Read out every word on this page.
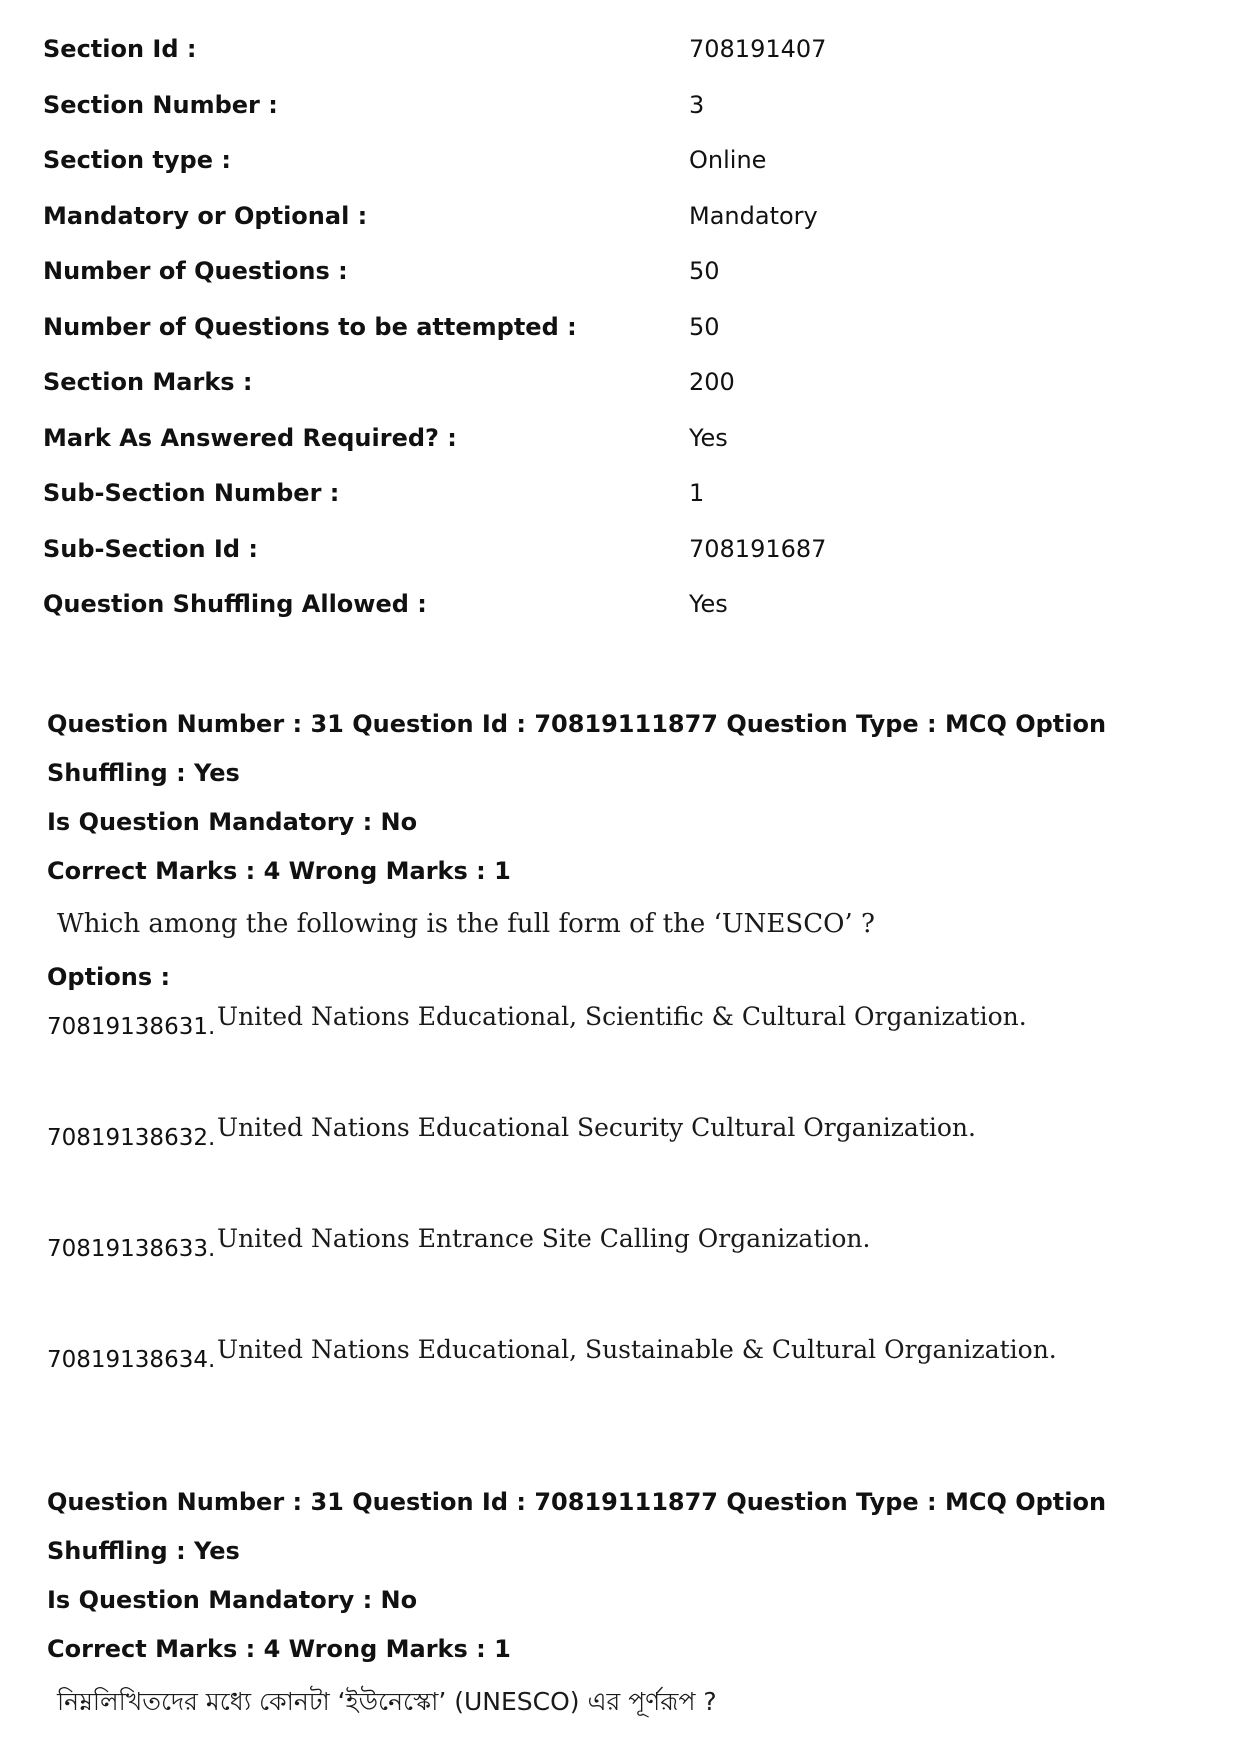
Section Id :	708191407
Section Number :	3
Section type :	Online
Mandatory or Optional :	Mandatory
Number of Questions :	50
Number of Questions to be attempted :	50
Section Marks :	200
Mark As Answered Required? :	Yes
Sub-Section Number :	1
Sub-Section Id :	708191687
Question Shuffling Allowed :	Yes
Question Number : 31 Question Id : 70819111877 Question Type : MCQ Option Shuffling : Yes
Is Question Mandatory : No
Correct Marks : 4 Wrong Marks : 1
Which among the following is the full form of the ‘UNESCO’ ?
Options :
70819138631. United Nations Educational, Scientific & Cultural Organization.
70819138632. United Nations Educational Security Cultural Organization.
70819138633. United Nations Entrance Site Calling Organization.
70819138634. United Nations Educational, Sustainable & Cultural Organization.
Question Number : 31 Question Id : 70819111877 Question Type : MCQ Option Shuffling : Yes
Is Question Mandatory : No
Correct Marks : 4 Wrong Marks : 1
নিম্নলিখিতদের মধ্যে কোনটা ‘ইউনেস্কো’ (UNESCO) এর পূর্ণরূপ ?
